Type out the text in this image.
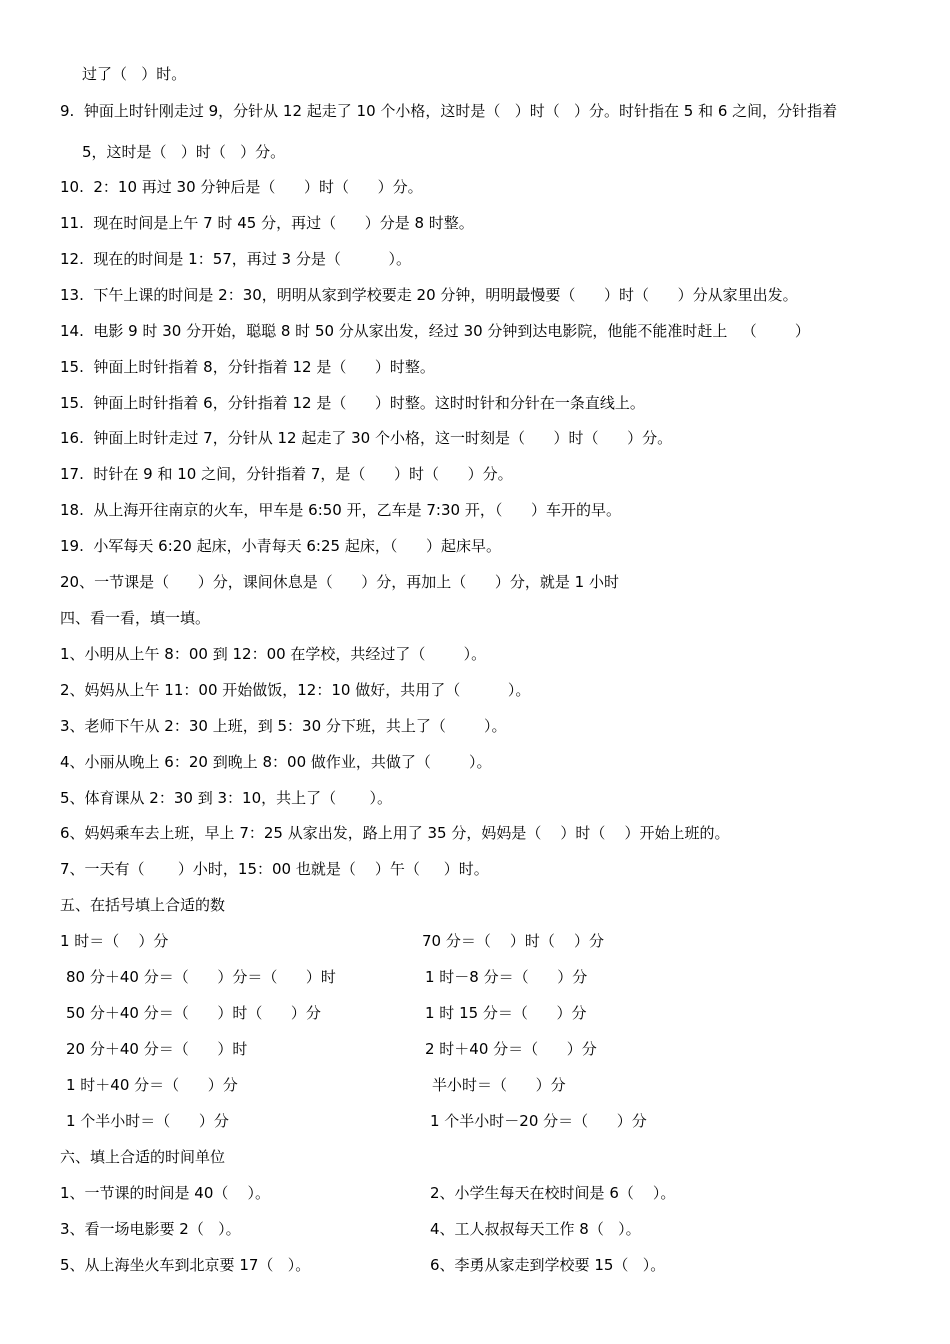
过了（   ）时。
9.  钟面上时针刚走过 9，分针从 12 起走了 10 个小格，这时是（   ）时（   ）分。时针指在 5 和 6 之间，分针指着
5，这时是（   ）时（   ）分。
10.  2：10 再过 30 分钟后是（      ）时（      ）分。
11.  现在时间是上午 7 时 45 分，再过（      ）分是 8 时整。
12.  现在的时间是 1：57，再过 3 分是（          ）。
13.  下午上课的时间是 2：30，明明从家到学校要走 20 分钟，明明最慢要（      ）时（      ）分从家里出发。
14.  电影 9 时 30 分开始，聪聪 8 时 50 分从家出发，经过 30 分钟到达电影院，他能不能准时赶上   （        ）
15.  钟面上时针指着 8，分针指着 12 是（      ）时整。
15.  钟面上时针指着 6，分针指着 12 是（      ）时整。这时时针和分针在一条直线上。
16.  钟面上时针走过 7，分针从 12 起走了 30 个小格，这一时刻是（      ）时（      ）分。
17.  时针在 9 和 10 之间，分针指着 7，是（      ）时（      ）分。
18.  从上海开往南京的火车，甲车是 6:50 开，乙车是 7:30 开，（      ）车开的早。
19.  小军每天 6:20 起床，小青每天 6:25 起床，（      ）起床早。
20、一节课是（      ）分，课间休息是（      ）分，再加上（      ）分，就是 1 小时
四、看一看，填一填。
1、小明从上午 8：00 到 12：00 在学校，共经过了（        ）。
2、妈妈从上午 11：00 开始做饭，12：10 做好，共用了（          ）。
3、老师下午从 2：30 上班，到 5：30 分下班，共上了（        ）。
4、小丽从晚上 6：20 到晚上 8：00 做作业，共做了（        ）。
5、体育课从 2：30 到 3：10，共上了（       ）。
6、妈妈乘车去上班，早上 7：25 从家出发，路上用了 35 分，妈妈是（    ）时（    ）开始上班的。
7、一天有（       ）小时，15：00 也就是（    ）午（     ）时。
五、在括号填上合适的数
1 时＝（    ）分
80 分＋40 分＝（      ）分＝（      ）时
50 分＋40 分＝（      ）时（      ）分
20 分＋40 分＝（      ）时
1 时＋40 分＝（      ）分
1 个半小时＝（      ）分
70 分＝（    ）时（    ）分
1 时－8 分＝（      ）分
1 时 15 分＝（      ）分
2 时＋40 分＝（      ）分
半小时＝（      ）分
1 个半小时－20 分＝（      ）分
六、填上合适的时间单位
1、一节课的时间是 40（    ）。
3、看一场电影要 2（   ）。
5、从上海坐火车到北京要 17（   ）。
2、小学生每天在校时间是 6（    ）。
4、工人叔叔每天工作 8（   ）。
6、李勇从家走到学校要 15（   ）。
